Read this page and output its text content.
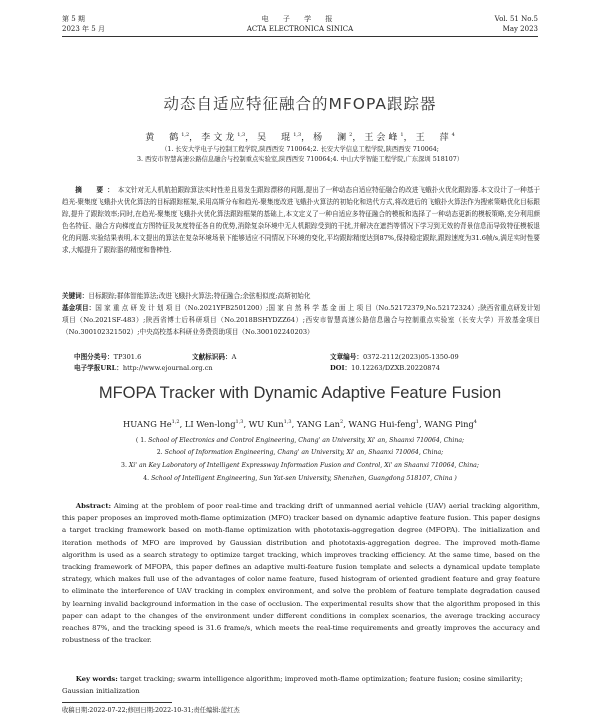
第 5 期
2023 年 5 月
电 子 学 报
ACTA ELECTRONICA SINICA
Vol. 51 No.5
May 2023
动态自适应特征融合的MFOPA跟踪器
黄　鹤$^{1,2}$，李文龙$^{1,3}$，吴　琨$^{1,3}$，杨　澜$^2$，王会峰$^1$，王　萍$^4$
（1. 长安大学电子与控制工程学院,陕西西安 710064;2. 长安大学信息工程学院,陕西西安 710064;
3. 西安市智慧高速公路信息融合与控制重点实验室,陕西西安 710064;4. 中山大学智能工程学院,广东深圳 518107）
摘　要：本文针对无人机航拍跟踪算法实时性差且易发生跟踪漂移的问题,提出了一种动态自适应特征融合的改进飞蛾扑火优化跟踪器.本文设计了一种基于趋光-聚集度飞蛾扑火优化算法的目标跟踪框架,采用高斯分布和趋光-聚集度改进飞蛾扑火算法的初始化和迭代方式,将改进后的飞蛾扑火算法作为搜索策略优化目标跟踪,提升了跟踪效率;同时,在趋光-聚集度飞蛾扑火优化算法跟踪框架的基础上,本文定义了一种自适应多特征融合的模板和选择了一种动态更新的模板策略,充分利用颜色名特征、融合方向梯度直方图特征及灰度特征各自的优势,消除复杂环境中无人机跟踪受到的干扰,并解决在遮挡等情况下学习到无效的背景信息而导致特征模板退化的问题.实验结果表明,本文提出的算法在复杂环境场景下能够适应不同情况下环境的变化,平均跟踪精度达到87%,保持稳定跟踪,跟踪速度为31.6帧/s,满足实时性要求,大幅提升了跟踪器的精度和鲁棒性.
关键词：目标跟踪;群体智能算法;改进飞蛾扑火算法;特征融合;余弦相似度;高斯初始化
基金项目：国 家 重 点 研 发 计 划 项 目（No.2021YFB2501200）;国 家 自 然 科 学 基 金 面 上 项 目（No.52172379,No.52172324）;陕西省重点研发计划项目（No.2021SF-483）;陕西省博士后科研项目（No.2018BSHYDZZ64）;西安市智慧高速公路信息融合与控制重点实验室（长安大学）开放基金项目（No.300102321502）;中央高校基本科研业务费资助项目（No.300102240203）
中图分类号：TP301.6	文献标识码：A	文章编号：0372-2112(2023)05-1350-09
电子学报URL：http://www.ejournal.org.cn	DOI：10.12263/DZXB.20220874
MFOPA Tracker with Dynamic Adaptive Feature Fusion
HUANG He$^{1,2}$, LI Wen-long$^{1,3}$, WU Kun$^{1,3}$, YANG Lan$^2$, WANG Hui-feng$^1$, WANG Ping$^4$
( 1. School of Electronics and Control Engineering, Chang' an University, Xi' an, Shaanxi 710064, China;
2. School of Information Engineering, Chang' an University, Xi' an, Shaanxi 710064, China;
3. Xi' an Key Laboratory of Intelligent Expressway Information Fusion and Control, Xi' an Shaanxi 710064, China;
4. School of Intelligent Engineering, Sun Yat-sen University, Shenzhen, Guangdong 518107, China )
Abstract: Aiming at the problem of poor real-time and tracking drift of unmanned aerial vehicle (UAV) aerial tracking algorithm, this paper proposes an improved moth-flame optimization (MFO) tracker based on dynamic adaptive feature fusion. This paper designs a target tracking framework based on moth-flame optimization with phototaxis-aggregation degree (MFOPA). The initialization and iteration methods of MFO are improved by Gaussian distribution and phototaxis-aggregation degree. The improved moth-flame algorithm is used as a search strategy to optimize target tracking, which improves tracking efficiency. At the same time, based on the tracking framework of MFOPA, this paper defines an adaptive multi-feature fusion template and selects a dynamical update template strategy, which makes full use of the advantages of color name feature, fused histogram of oriented gradient feature and gray feature to eliminate the interference of UAV tracking in complex environment, and solve the problem of feature template degradation caused by learning invalid background information in the case of occlusion. The experimental results show that the algorithm proposed in this paper can adapt to the changes of the environment under different conditions in complex scenarios, the average tracking accuracy reaches 87%, and the tracking speed is 31.6 frame/s, which meets the real-time requirements and greatly improves the accuracy and robustness of the tracker.
Key words: target tracking; swarm intelligence algorithm; improved moth-flame optimization; feature fusion; cosine similarity; Gaussian initialization
收稿日期:2022-07-22;修回日期:2022-10-31;责任编辑:蓝红杰
